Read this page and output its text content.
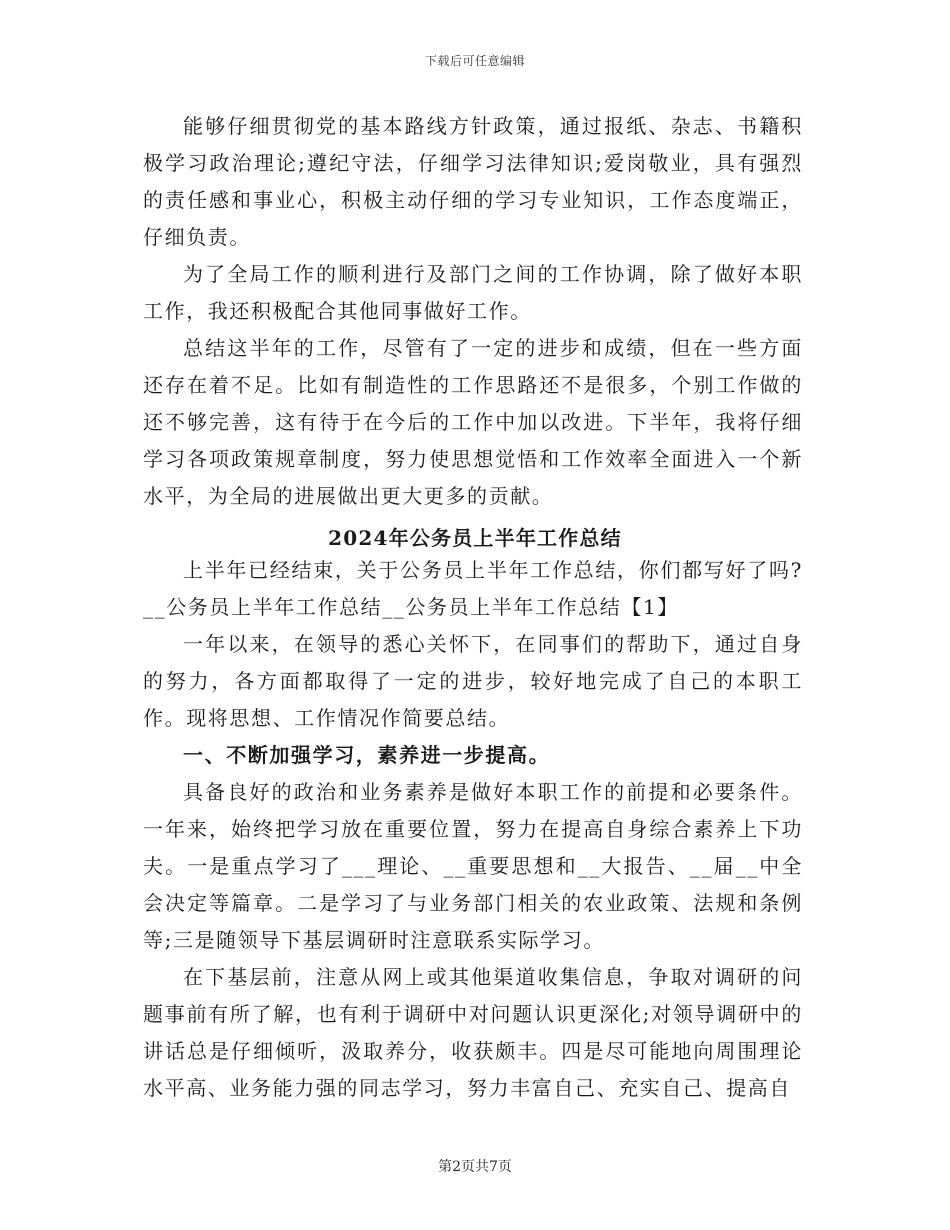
下载后可任意编辑

能够仔细贯彻党的基本路线方针政策，通过报纸、杂志、书籍积极学习政治理论;遵纪守法，仔细学习法律知识;爱岗敬业，具有强烈的责任感和事业心，积极主动仔细的学习专业知识，工作态度端正，仔细负责。

为了全局工作的顺利进行及部门之间的工作协调，除了做好本职工作，我还积极配合其他同事做好工作。

总结这半年的工作，尽管有了一定的进步和成绩，但在一些方面还存在着不足。比如有制造性的工作思路还不是很多，个别工作做的还不够完善，这有待于在今后的工作中加以改进。下半年，我将仔细学习各项政策规章制度，努力使思想觉悟和工作效率全面进入一个新水平，为全局的进展做出更大更多的贡献。

2024年公务员上半年工作总结

上半年已经结束，关于公务员上半年工作总结，你们都写好了吗?__公务员上半年工作总结__公务员上半年工作总结【1】

一年以来，在领导的悉心关怀下，在同事们的帮助下，通过自身的努力，各方面都取得了一定的进步，较好地完成了自己的本职工作。现将思想、工作情况作简要总结。

一、不断加强学习，素养进一步提高。

具备良好的政治和业务素养是做好本职工作的前提和必要条件。一年来，始终把学习放在重要位置，努力在提高自身综合素养上下功夫。一是重点学习了___理论、__重要思想和__大报告、__届__中全会决定等篇章。二是学习了与业务部门相关的农业政策、法规和条例等;三是随领导下基层调研时注意联系实际学习。

在下基层前，注意从网上或其他渠道收集信息，争取对调研的问题事前有所了解，也有利于调研中对问题认识更深化;对领导调研中的讲话总是仔细倾听，汲取养分，收获颇丰。四是尽可能地向周围理论水平高、业务能力强的同志学习，努力丰富自己、充实自己、提高自

第2页共7页
